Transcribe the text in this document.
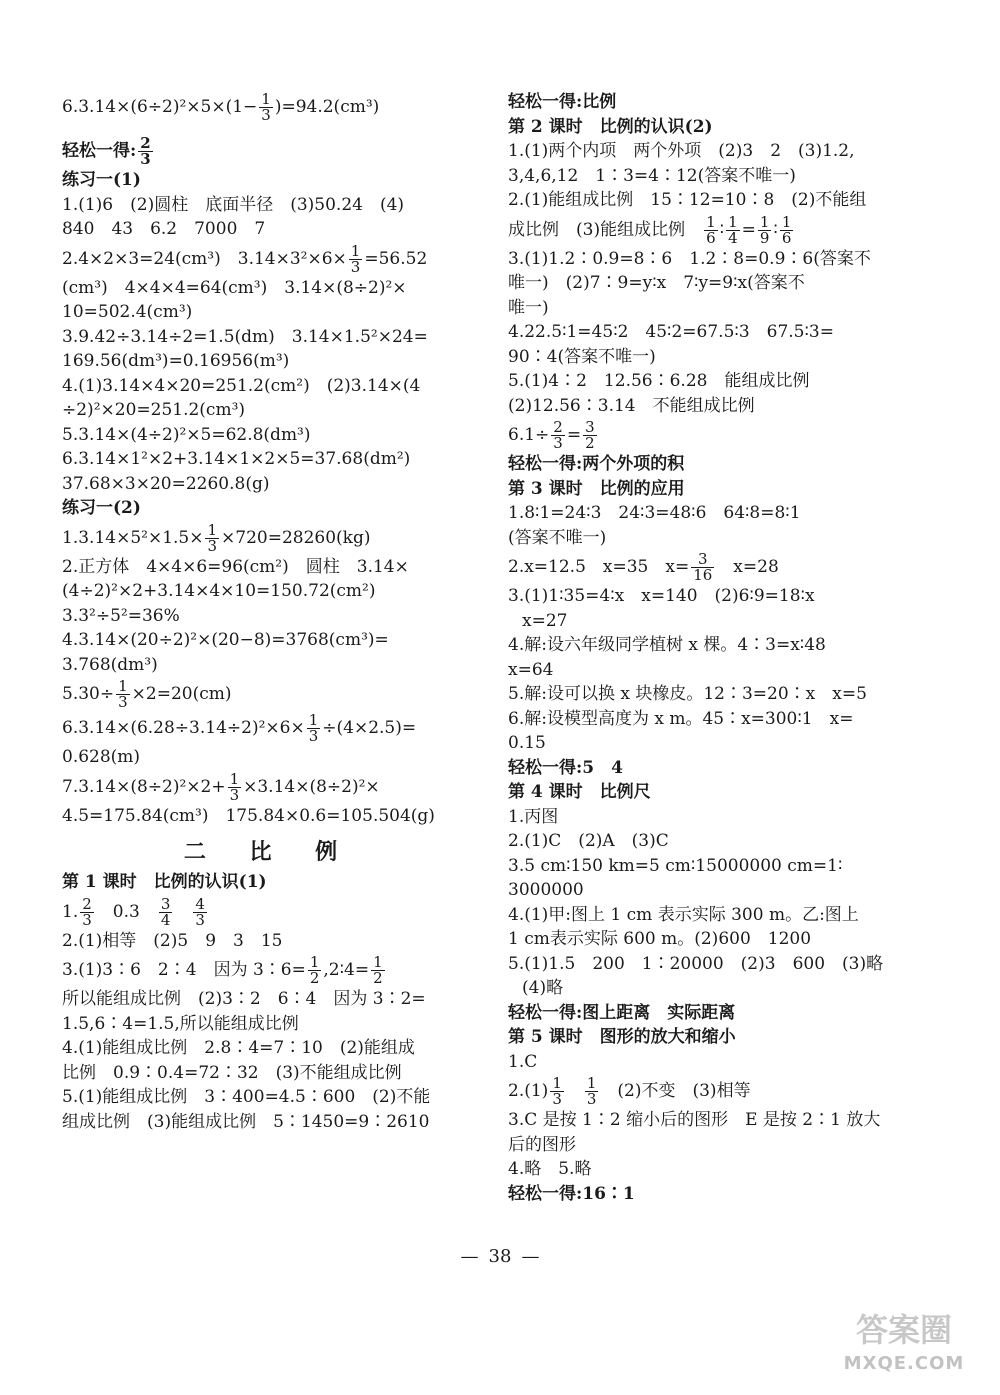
$6.3.14\times(6\div 2)^2\times 5\times(1- \frac{1}{3} )=94.2(cm^3)$
轻松一得: $\frac{2}{3}$
练习一(1)
1.(1)6　(2)圆柱　底面半径　(3)50.24　(4)
840　43　6.2　7000　7
2.4×2×3=24(cm³)　$3.14\times 3^2\times 6\times \frac{1}{3} =56.52$
(cm³)　4×4×4=64(cm³)　3.14×(8÷2)²×
10=502.4(cm³)
3.9.42÷3.14÷2=1.5(dm)　3.14×1.5²×24=
169.56(dm³)=0.16956(m³)
4.(1)3.14×4×20=251.2(cm²)　(2)3.14×(4
÷2)²×20=251.2(cm³)
5.3.14×(4÷2)²×5=62.8(dm³)
6.3.14×1²×2+3.14×1×2×5=37.68(dm²)
37.68×3×20=2260.8(g)
练习一(2)
$1.3.14\times 5^2\times 1.5\times \frac{1}{3} \times 720=28260(kg)$
2.正方体　4×4×6=96(cm²)　圆柱　3.14×
(4÷2)²×2+3.14×4×10=150.72(cm²)
3.3²÷5²=36%
4.3.14×(20÷2)²×(20−8)=3768(cm³)=
3.768(dm³)
$5.30\div \frac{1}{3} \times 2=20(cm)$
$6.3.14\times(6.28\div 3.14\div 2)^2\times 6\times \frac{1}{3} \div(4\times 2.5)=$
0.628(m)
$7.3.14\times(8\div 2)^2\times 2+ \frac{1}{3} \times 3.14\times(8\div 2)^2\times$
4.5=175.84(cm³)　175.84×0.6=105.504(g)
二 比 例
第 1 课时　比例的认识(1)
1. $\frac{2}{3}$
　 0.3　 $\frac{3}{4}$
　 $\frac{4}{3}$
2.(1)相等　(2)5　9　3　15
3.(1)3∶6　2∶4　因为 3∶6= $\frac{1}{2}$ ,2∶4= $\frac{1}{2}$
所以能组成比例　(2)3∶2　6∶4　因为 3∶2=
1.5,6∶4=1.5,所以能组成比例
4.(1)能组成比例　2.8∶4=7∶10　(2)能组成
比例　0.9∶0.4=72∶32　(3)不能组成比例
5.(1)能组成比例　3∶400=4.5∶600　(2)不能
组成比例　(3)能组成比例　5∶1450=9∶2610
轻松一得:比例
第 2 课时　比例的认识(2)
1.(1)两个内项　两个外项　(2)3　2　(3)1.2,
3,4,6,12　1∶3=4∶12(答案不唯一)
2.(1)能组成比例　15∶12=10∶8　(2)不能组
成比例　(3)能组成比例　 $\frac{1}{6}$ ∶ $\frac{1}{4} = \frac{1}{9}$ ∶ $\frac{1}{6}$
3.(1)1.2∶0.9=8∶6　1.2∶8=0.9∶6(答案不
唯一)　(2)7∶9=y∶x　7∶y=9∶x(答案不
唯一)
4.22.5∶1=45∶2　45∶2=67.5∶3　67.5∶3=
90∶4(答案不唯一)
5.(1)4∶2　12.56∶6.28　能组成比例
(2)12.56∶3.14　不能组成比例
$6.1\div \frac{2}{3} = \frac{3}{2}$
轻松一得:两个外项的积
第 3 课时　比例的应用
1.8∶1=24∶3　24∶3=48∶6　64∶8=8∶1
(答案不唯一)
2.x=12.5　x=35　$x= \frac{3}{16}$
　 x=28
3.(1)1∶35=4∶x　x=140　(2)6∶9=18∶x
x=27
4.解:设六年级同学植树 x 棵。4∶3=x∶48
x=64
5.解:设可以换 x 块橡皮。12∶3=20∶x　x=5
6.解:设模型高度为 x m。45∶x=300∶1　x=
0.15
轻松一得:5　4
第 4 课时　比例尺
1.丙图
2.(1)C　(2)A　(3)C
3.5 cm∶150 km=5 cm∶15000000 cm=1∶
3000000
4.(1)甲:图上 1 cm 表示实际 300 m。乙:图上
1 cm表示实际 600 m。(2)600　1200
5.(1)1.5　200　1∶20000　(2)3　600　(3)略
(4)略
轻松一得:图上距离　实际距离
第 5 课时　图形的放大和缩小
1.C
$2.(1) \frac{1}{3}$
　 $\frac{1}{3}$
　 (2)不变　(3)相等
3.C 是按 1∶2 缩小后的图形　E 是按 2∶1 放大
后的图形
4.略　5.略
轻松一得:16∶1
— 38 —
答案圈
MXQE.COM
